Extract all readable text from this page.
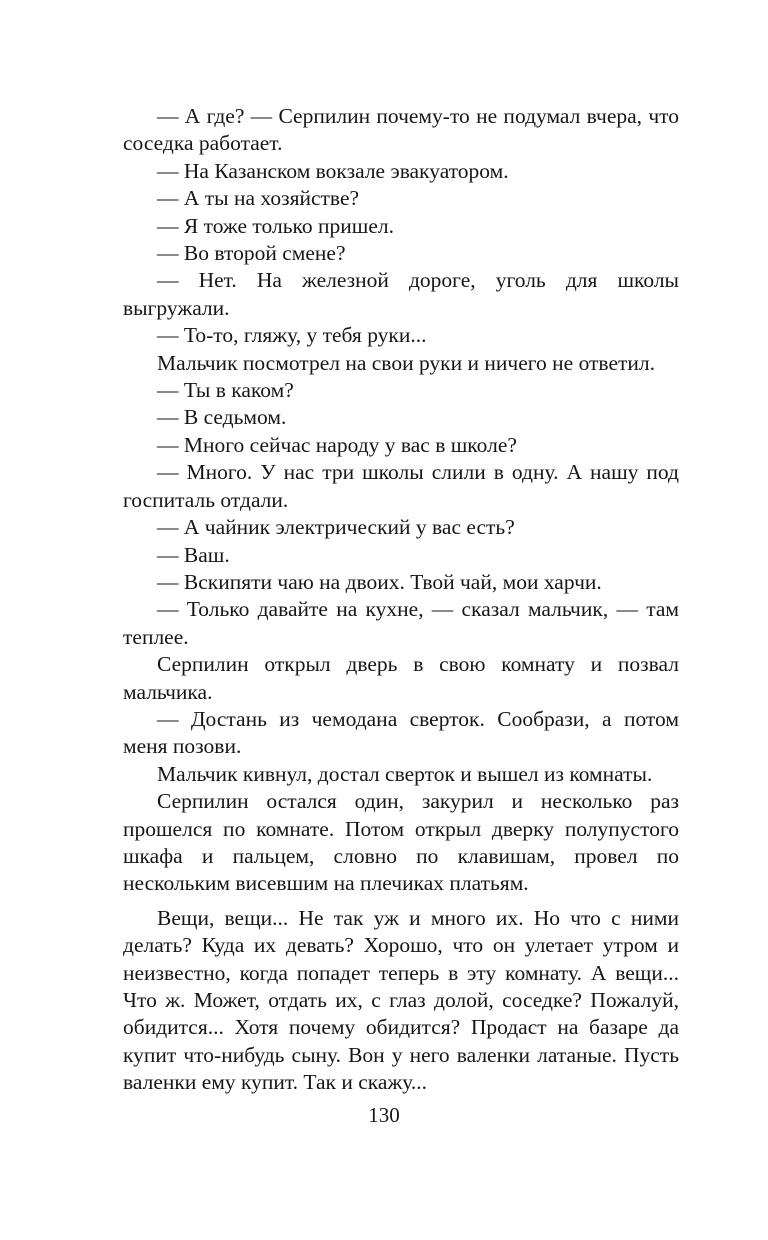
— А где? — Серпилин почему-то не подумал вчера, что соседка работает.

— На Казанском вокзале эвакуатором.

— А ты на хозяйстве?

— Я тоже только пришел.

— Во второй смене?

— Нет. На железной дороге, уголь для школы выгружали.

— То-то, гляжу, у тебя руки...

Мальчик посмотрел на свои руки и ничего не ответил.

— Ты в каком?

— В седьмом.

— Много сейчас народу у вас в школе?

— Много. У нас три школы слили в одну. А нашу под госпиталь отдали.

— А чайник электрический у вас есть?

— Ваш.

— Вскипяти чаю на двоих. Твой чай, мои харчи.

— Только давайте на кухне, — сказал мальчик, — там теплее.

Серпилин открыл дверь в свою комнату и позвал мальчика.

— Достань из чемодана сверток. Сообрази, а потом меня позови.

Мальчик кивнул, достал сверток и вышел из комнаты.

Серпилин остался один, закурил и несколько раз прошелся по комнате. Потом открыл дверку полупустого шкафа и пальцем, словно по клавишам, провел по нескольким висевшим на плечиках платьям.

Вещи, вещи... Не так уж и много их. Но что с ними делать? Куда их девать? Хорошо, что он улетает утром и неизвестно, когда попадет теперь в эту комнату. А вещи... Что ж. Может, отдать их, с глаз долой, соседке? Пожалуй, обидится... Хотя почему обидится? Продаст на базаре да купит что-нибудь сыну. Вон у него валенки латаные. Пусть валенки ему купит. Так и скажу...

130
